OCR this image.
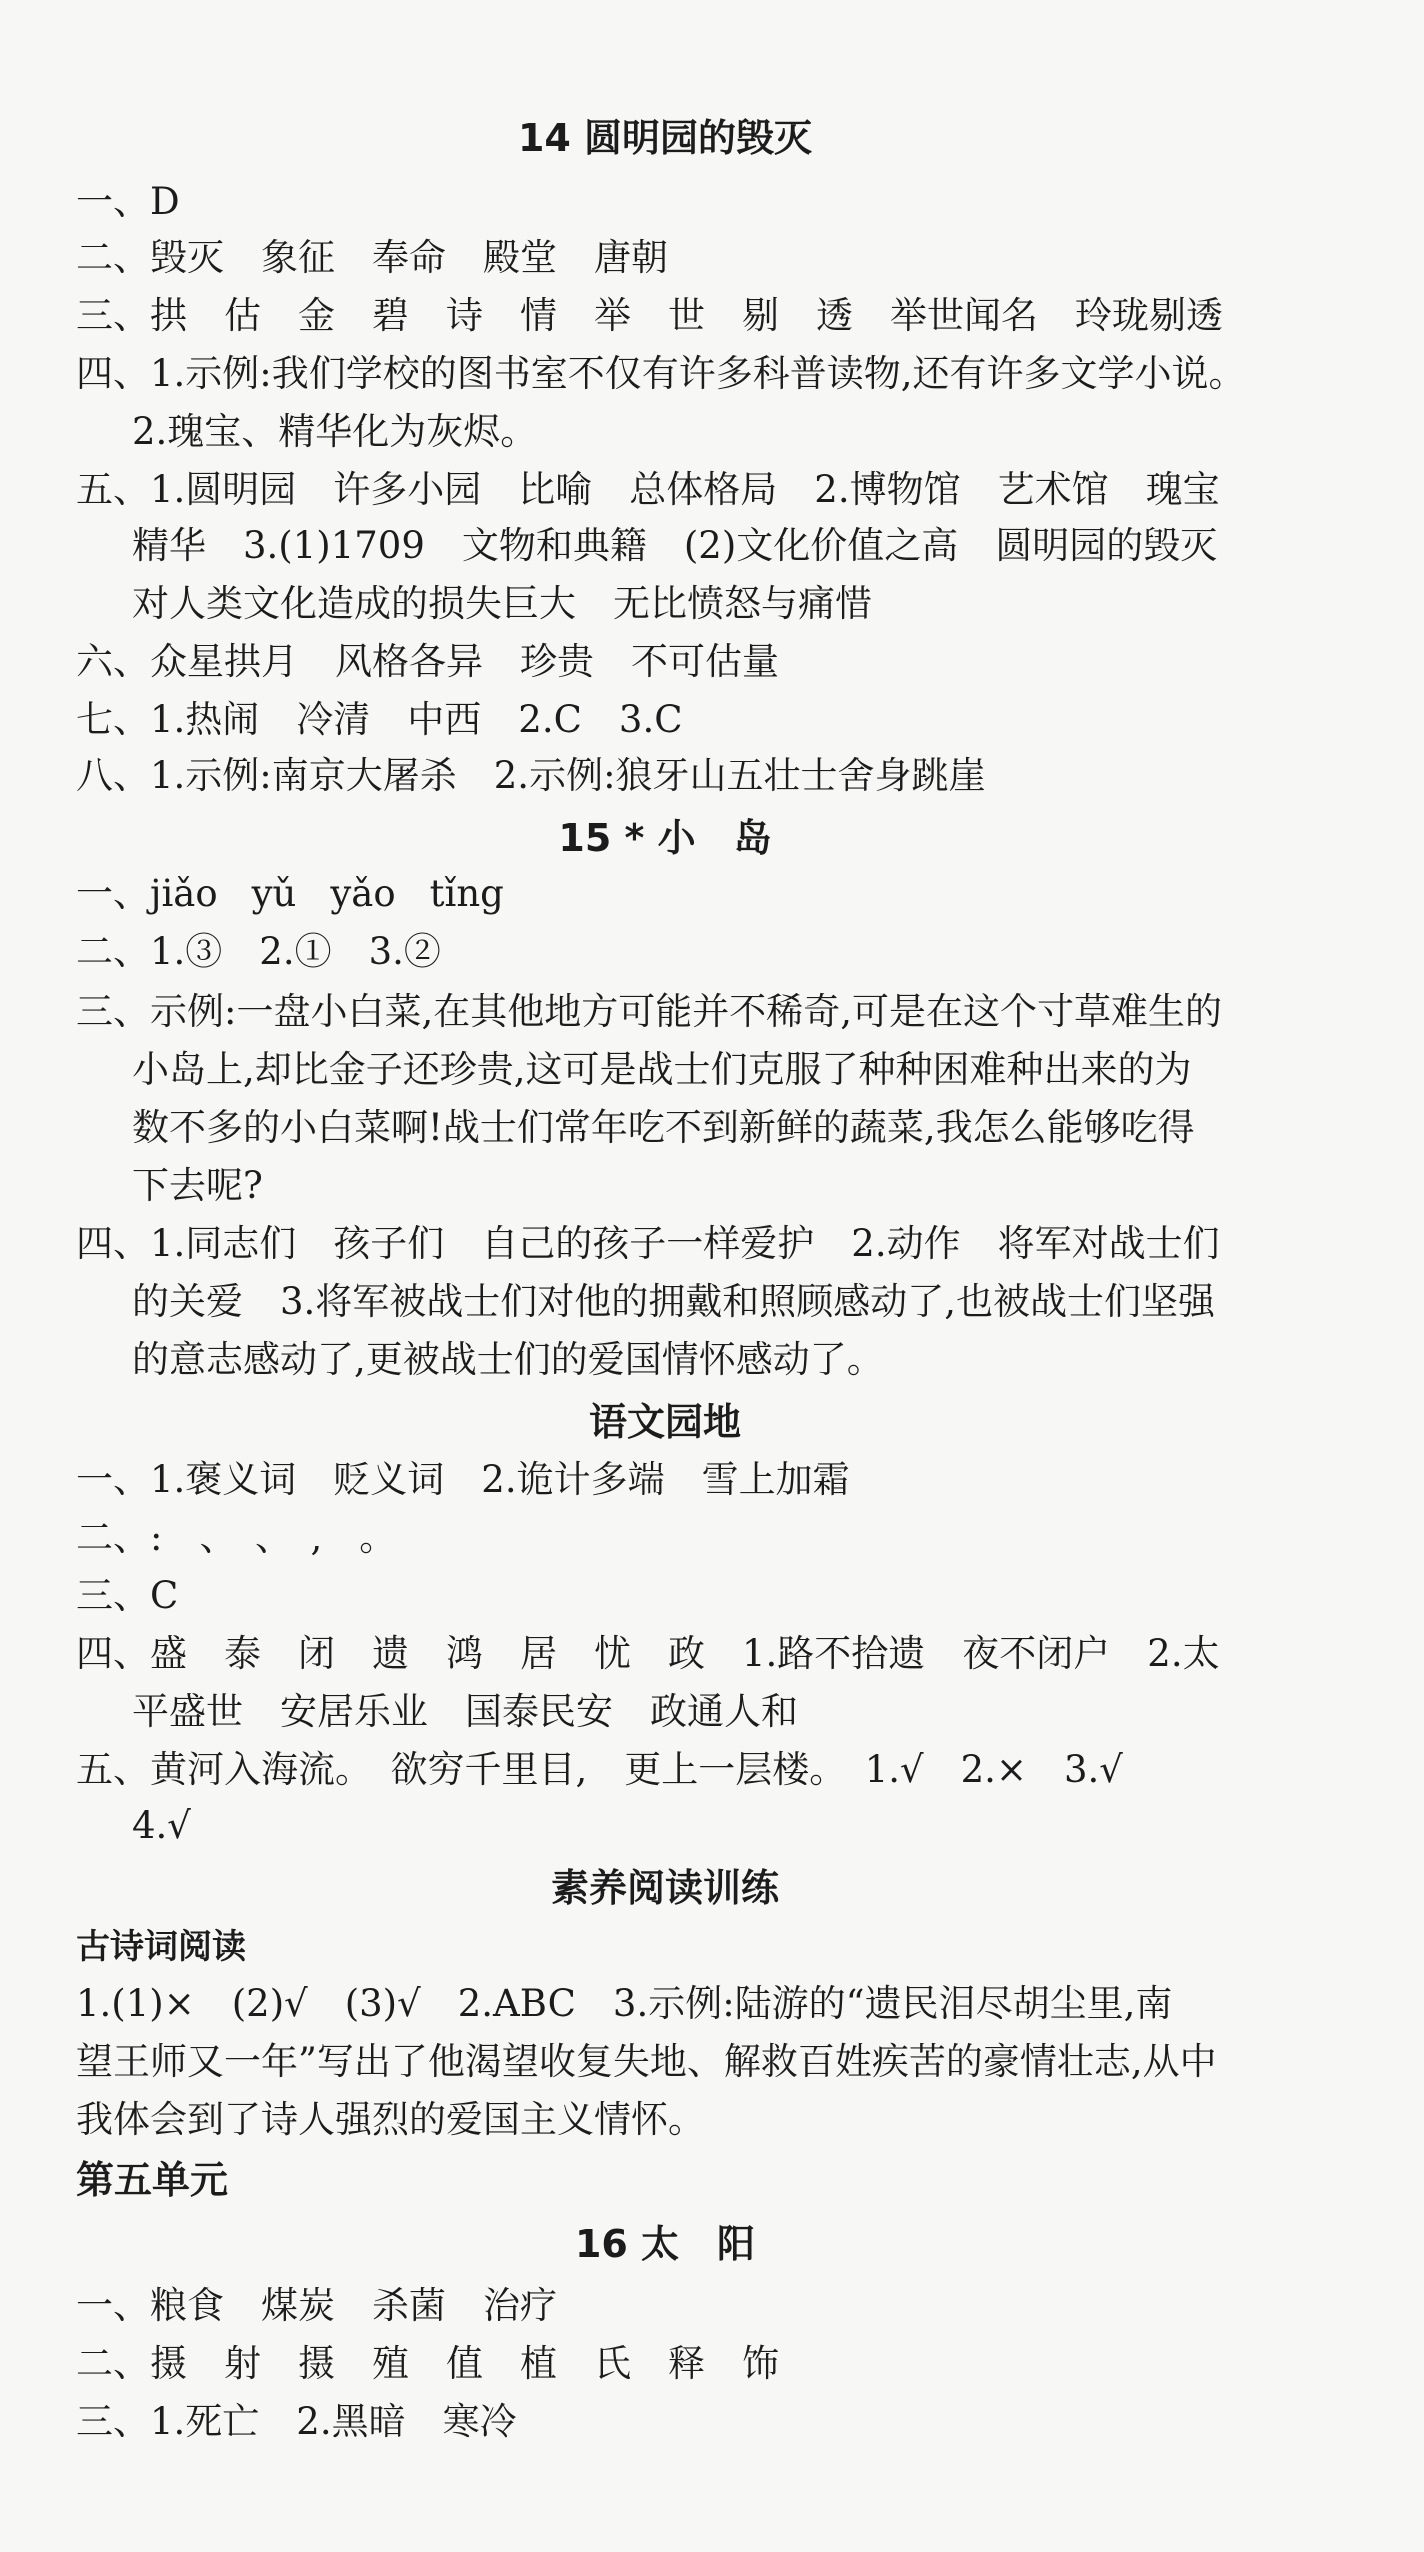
14 圆明园的毁灭
一、D
二、毁灭　象征　奉命　殿堂　唐朝
三、拱　估　金　碧　诗　情　举　世　剔　透　举世闻名　玲珑剔透
四、1.示例:我们学校的图书室不仅有许多科普读物,还有许多文学小说。
2.瑰宝、精华化为灰烬。
五、1.圆明园　许多小园　比喻　总体格局　2.博物馆　艺术馆　瑰宝
精华　3.(1)1709　文物和典籍　(2)文化价值之高　圆明园的毁灭
对人类文化造成的损失巨大　无比愤怒与痛惜
六、众星拱月　风格各异　珍贵　不可估量
七、1.热闹　冷清　中西　2.C　3.C
八、1.示例:南京大屠杀　2.示例:狼牙山五壮士舍身跳崖
15 * 小　岛
一、jiǎo yǔ yǎo tǐng
二、1.③　2.①　3.②
三、示例:一盘小白菜,在其他地方可能并不稀奇,可是在这个寸草难生的
小岛上,却比金子还珍贵,这可是战士们克服了种种困难种出来的为
数不多的小白菜啊!战士们常年吃不到新鲜的蔬菜,我怎么能够吃得
下去呢?
四、1.同志们　孩子们　自己的孩子一样爱护　2.动作　将军对战士们
的关爱　3.将军被战士们对他的拥戴和照顾感动了,也被战士们坚强
的意志感动了,更被战士们的爱国情怀感动了。
语文园地
一、1.褒义词　贬义词　2.诡计多端　雪上加霜
二、:　、　、　,　。
三、C
四、盛　泰　闭　遗　鸿　居　忧　政　1.路不拾遗　夜不闭户　2.太
平盛世　安居乐业　国泰民安　政通人和
五、黄河入海流。　欲穷千里目,　更上一层楼。　1.√　2.×　3.√
4.√
素养阅读训练
古诗词阅读
1.(1)×　(2)√　(3)√　2.ABC　3.示例:陆游的“遗民泪尽胡尘里,南
望王师又一年”写出了他渴望收复失地、解救百姓疾苦的豪情壮志,从中
我体会到了诗人强烈的爱国主义情怀。
第五单元
16 太　阳
一、粮食　煤炭　杀菌　治疗
二、摄　射　摄　殖　值　植　氏　释　饰
三、1.死亡　2.黑暗　寒冷
